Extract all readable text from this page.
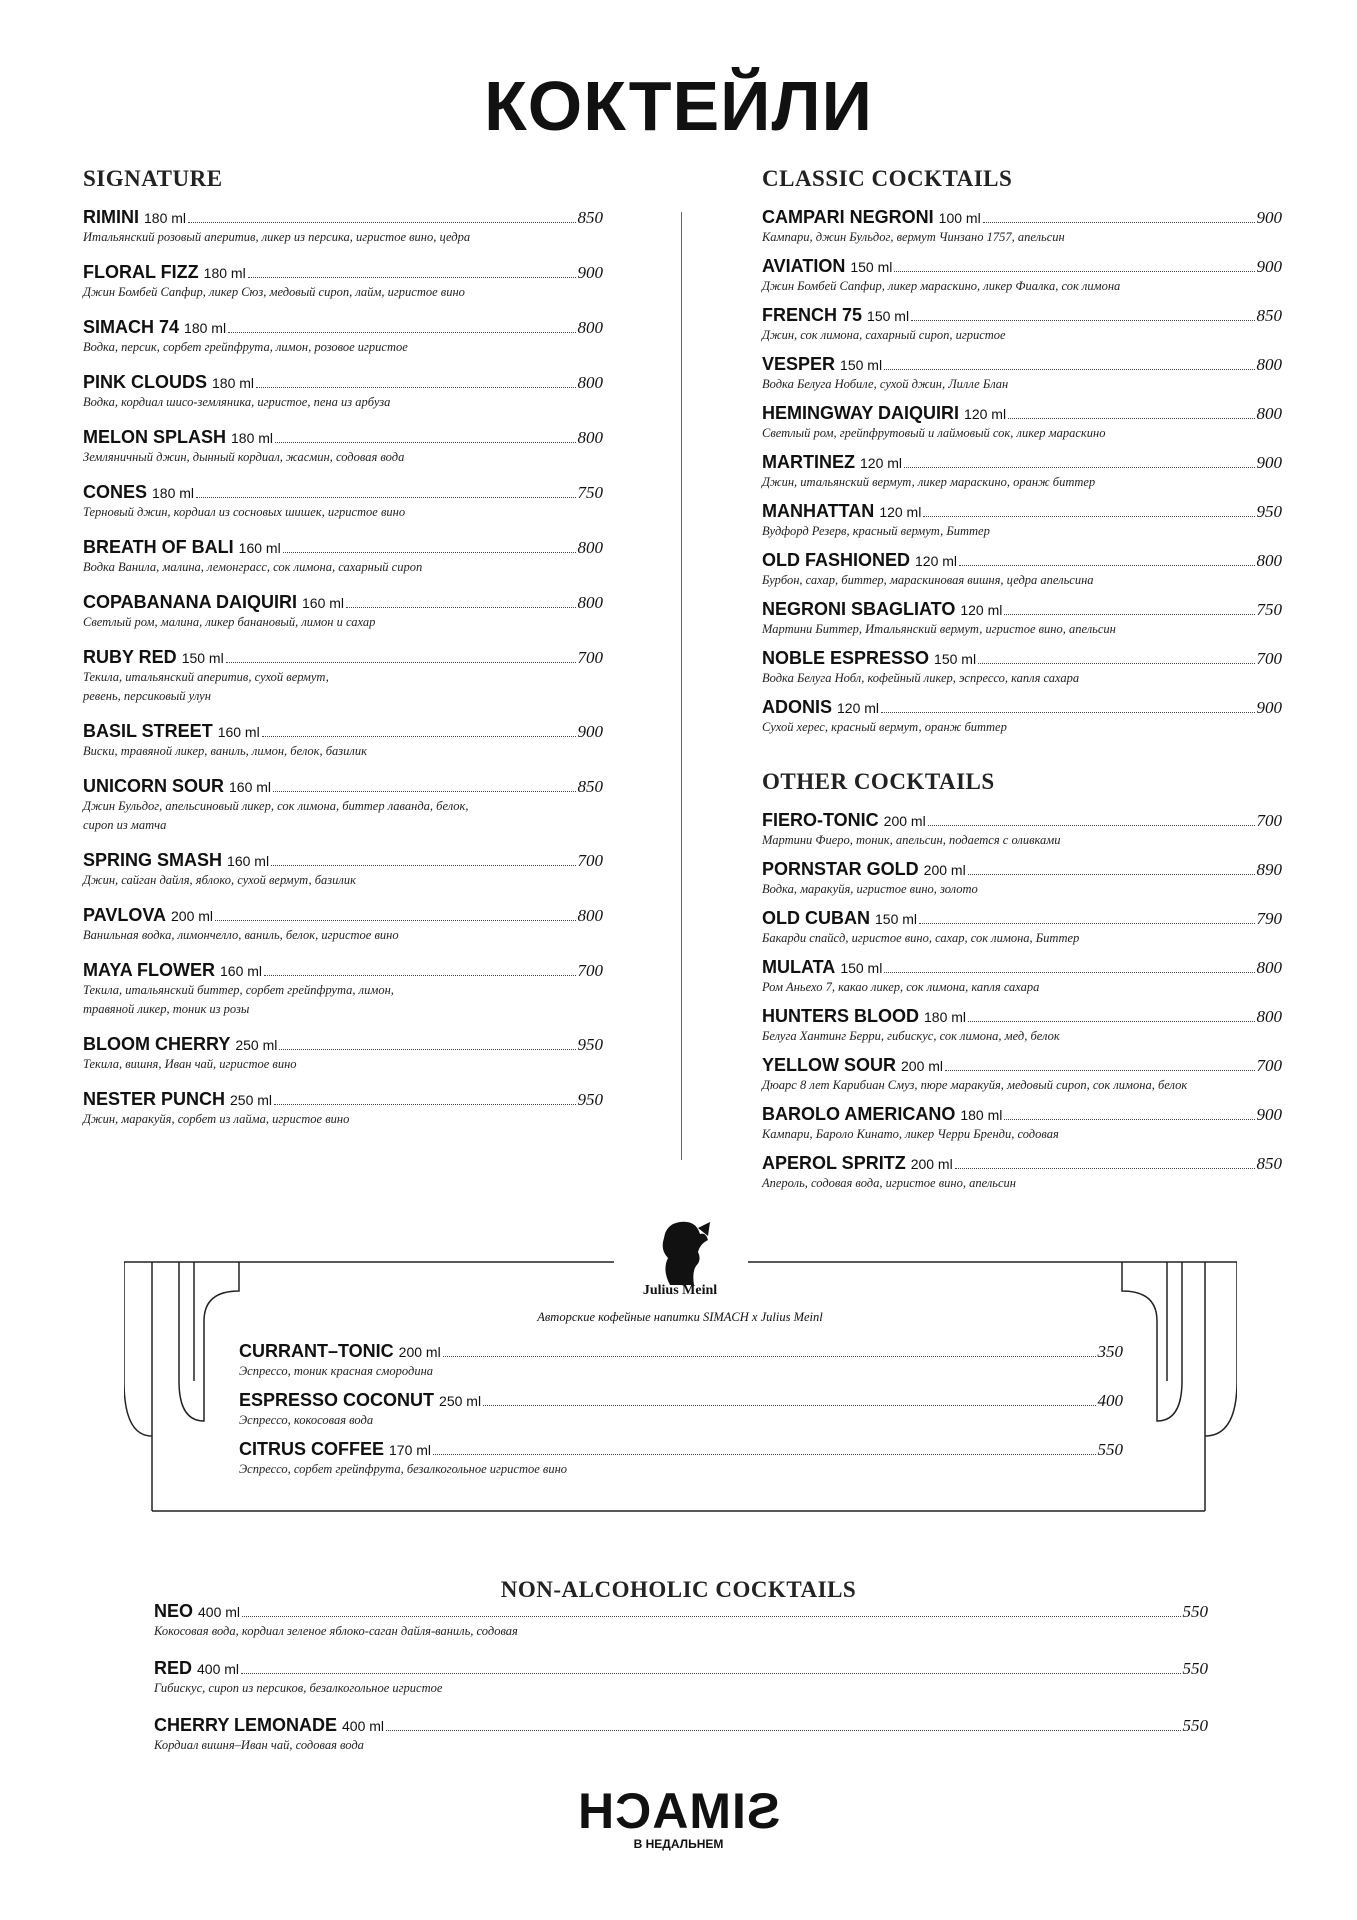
КОКТЕЙЛИ
SIGNATURE
RIMINI 180 ml	850
Итальянский розовый аперитив, ликер из персика, игристое вино, цедра
FLORAL FIZZ 180 ml	900
Джин Бомбей Сапфир, ликер Сюз, медовый сироп, лайм, игристое вино
SIMACH 74 180 ml	800
Водка, персик, сорбет грейпфрута, лимон, розовое игристое
PINK CLOUDS 180 ml	800
Водка, кордиал шисо-земляника, игристое, пена из арбуза
MELON SPLASH 180 ml	800
Земляничный джин, дынный кордиал, жасмин, содовая вода
CONES 180 ml	750
Терновый джин, кордиал из сосновых шишек, игристое вино
BREATH OF BALI 160 ml	800
Водка Ванила, малина, лемонграсс, сок лимона, сахарный сироп
COPABANANA DAIQUIRI 160 ml	800
Светлый ром, малина, ликер банановый, лимон и сахар
RUBY RED 150 ml	700
Текила, итальянский аперитив, сухой вермут,
ревень, персиковый улун
BASIL STREET 160 ml	900
Виски, травяной ликер, ваниль, лимон, белок, базилик
UNICORN SOUR 160 ml	850
Джин Бульдог, апельсиновый ликер, сок лимона, биттер лаванда, белок,
сироп из матча
SPRING SMASH 160 ml	700
Джин, сайган дайля, яблоко, сухой вермут, базилик
PAVLOVA 200 ml	800
Ванильная водка, лимончелло, ваниль, белок, игристое вино
MAYA FLOWER 160 ml	700
Текила, итальянский биттер, сорбет грейпфрута, лимон,
травяной ликер, тоник из розы
BLOOM CHERRY 250 ml	950
Текила, вишня, Иван чай, игристое вино
NESTER PUNCH 250 ml	950
Джин, маракуйя, сорбет из лайма, игристое вино
CLASSIC COCKTAILS
CAMPARI NEGRONI 100 ml	900
Кампари, джин Бульдог, вермут Чинзано 1757, апельсин
AVIATION 150 ml	900
Джин Бомбей Сапфир, ликер мараскино, ликер Фиалка, сок лимона
FRENCH 75 150 ml	850
Джин, сок лимона, сахарный сироп, игристое
VESPER 150 ml	800
Водка Белуга Нобиле, сухой джин, Лилле Блан
HEMINGWAY DAIQUIRI 120 ml	800
Светлый ром, грейпфрутовый и лаймовый сок, ликер мараскино
MARTINEZ 120 ml	900
Джин, итальянский вермут, ликер мараскино, оранж биттер
MANHATTAN 120 ml	950
Вудфорд Резерв, красный вермут, Биттер
OLD FASHIONED 120 ml	800
Бурбон, сахар, биттер, мараскиновая вишня, цедра апельсина
NEGRONI SBAGLIATO 120 ml	750
Мартини Биттер, Итальянский вермут, игристое вино, апельсин
NOBLE ESPRESSO 150 ml	700
Водка Белуга Нобл, кофейный ликер, эспрессо, капля сахара
ADONIS 120 ml	900
Сухой херес, красный вермут, оранж биттер
OTHER COCKTAILS
FIERO-TONIC 200 ml	700
Мартини Фиеро, тоник, апельсин, подается с оливками
PORNSTAR GOLD 200 ml	890
Водка, маракуйя, игристое вино, золото
OLD CUBAN 150 ml	790
Бакарди спайсд, игристое вино, сахар, сок лимона, Биттер
MULATA 150 ml	800
Ром Аньехо 7, какао ликер, сок лимона, капля сахара
HUNTERS BLOOD 180 ml	800
Белуга Хантинг Берри, гибискус, сок лимона, мед, белок
YELLOW SOUR 200 ml	700
Дюарс 8 лет Карибиан Смуз, пюре маракуйя, медовый сироп, сок лимона, белок
BAROLO AMERICANO 180 ml	900
Кампари, Бароло Кинато, ликер Черри Бренди, содовая
APEROL SPRITZ 200 ml	850
Апероль, содовая вода, игристое вино, апельсин
Julius Meinl
Авторские кофейные напитки SIMACH x Julius Meinl
CURRANT–TONIC 200 ml	350
Эспрессо, тоник красная смородина
ESPRESSO COCONUT 250 ml	400
Эспрессо, кокосовая вода
CITRUS COFFEE 170 ml	550
Эспрессо, сорбет грейпфрута, безалкогольное игристое вино
NON-ALCOHOLIC COCKTAILS
NEO 400 ml	550
Кокосовая вода, кордиал зеленое яблоко-саган дайля-ваниль, содовая
RED 400 ml	550
Гибискус, сироп из персиков, безалкогольное игристое
CHERRY LEMONADE 400 ml	550
Кордиал вишня–Иван чай, содовая вода
SIMACH
В НЕДАЛЬНЕМ
